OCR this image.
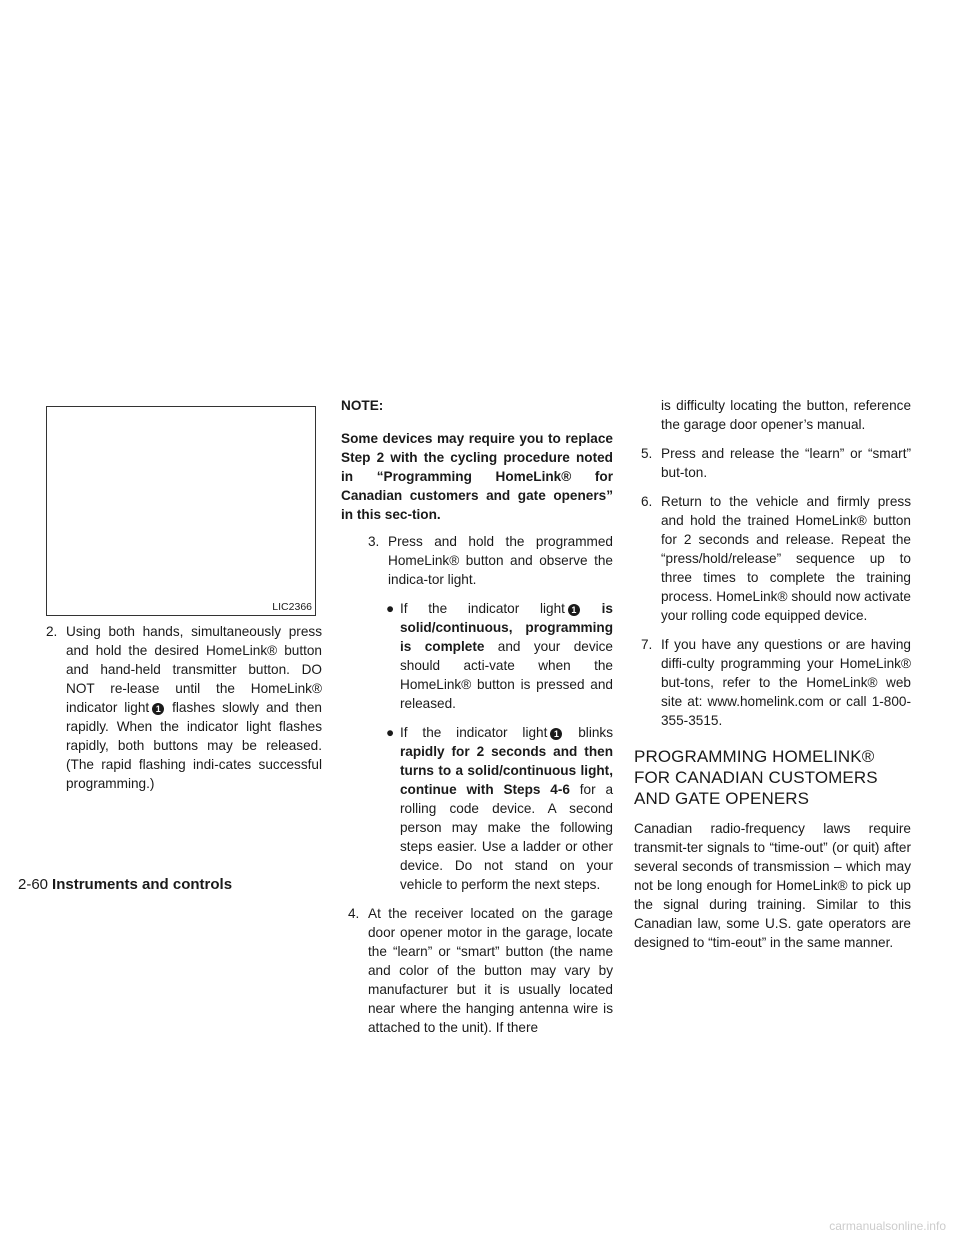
LIC2366
2. Using both hands, simultaneously press and hold the desired HomeLink® button and hand-held transmitter button. DO NOT re-lease until the HomeLink® indicator light 1 flashes slowly and then rapidly. When the indicator light flashes rapidly, both buttons may be released. (The rapid flashing indi-cates successful programming.)

NOTE:

Some devices may require you to replace Step 2 with the cycling procedure noted in “Programming HomeLink® for Canadian customers and gate openers” in this sec-tion.

3. Press and hold the programmed HomeLink® button and observe the indica-tor light.
● If the indicator light 1 is solid/continuous, programming is complete and your device should acti-vate when the HomeLink® button is pressed and released.
● If the indicator light 1 blinks rapidly for 2 seconds and then turns to a solid/continuous light, continue with Steps 4-6 for a rolling code device. A second person may make the following steps easier. Use a ladder or other device. Do not stand on your vehicle to perform the next steps.
4. At the receiver located on the garage door opener motor in the garage, locate the “learn” or “smart” button (the name and color of the button may vary by manufacturer but it is usually located near where the hanging antenna wire is attached to the unit). If there

is difficulty locating the button, reference the garage door opener’s manual.

5. Press and release the “learn” or “smart” but-ton.
6. Return to the vehicle and firmly press and hold the trained HomeLink® button for 2 seconds and release. Repeat the “press/hold/release” sequence up to three times to complete the training process. HomeLink® should now activate your rolling code equipped device.
7. If you have any questions or are having diffi-culty programming your HomeLink® but-tons, refer to the HomeLink® web site at: www.homelink.com or call 1-800-355-3515.
PROGRAMMING HOMELINK® FOR CANADIAN CUSTOMERS AND GATE OPENERS

Canadian radio-frequency laws require transmit-ter signals to “time-out” (or quit) after several seconds of transmission – which may not be long enough for HomeLink® to pick up the signal during training. Similar to this Canadian law, some U.S. gate operators are designed to “tim-eout” in the same manner.

2-60 Instruments and controls
carmanualsonline.info
